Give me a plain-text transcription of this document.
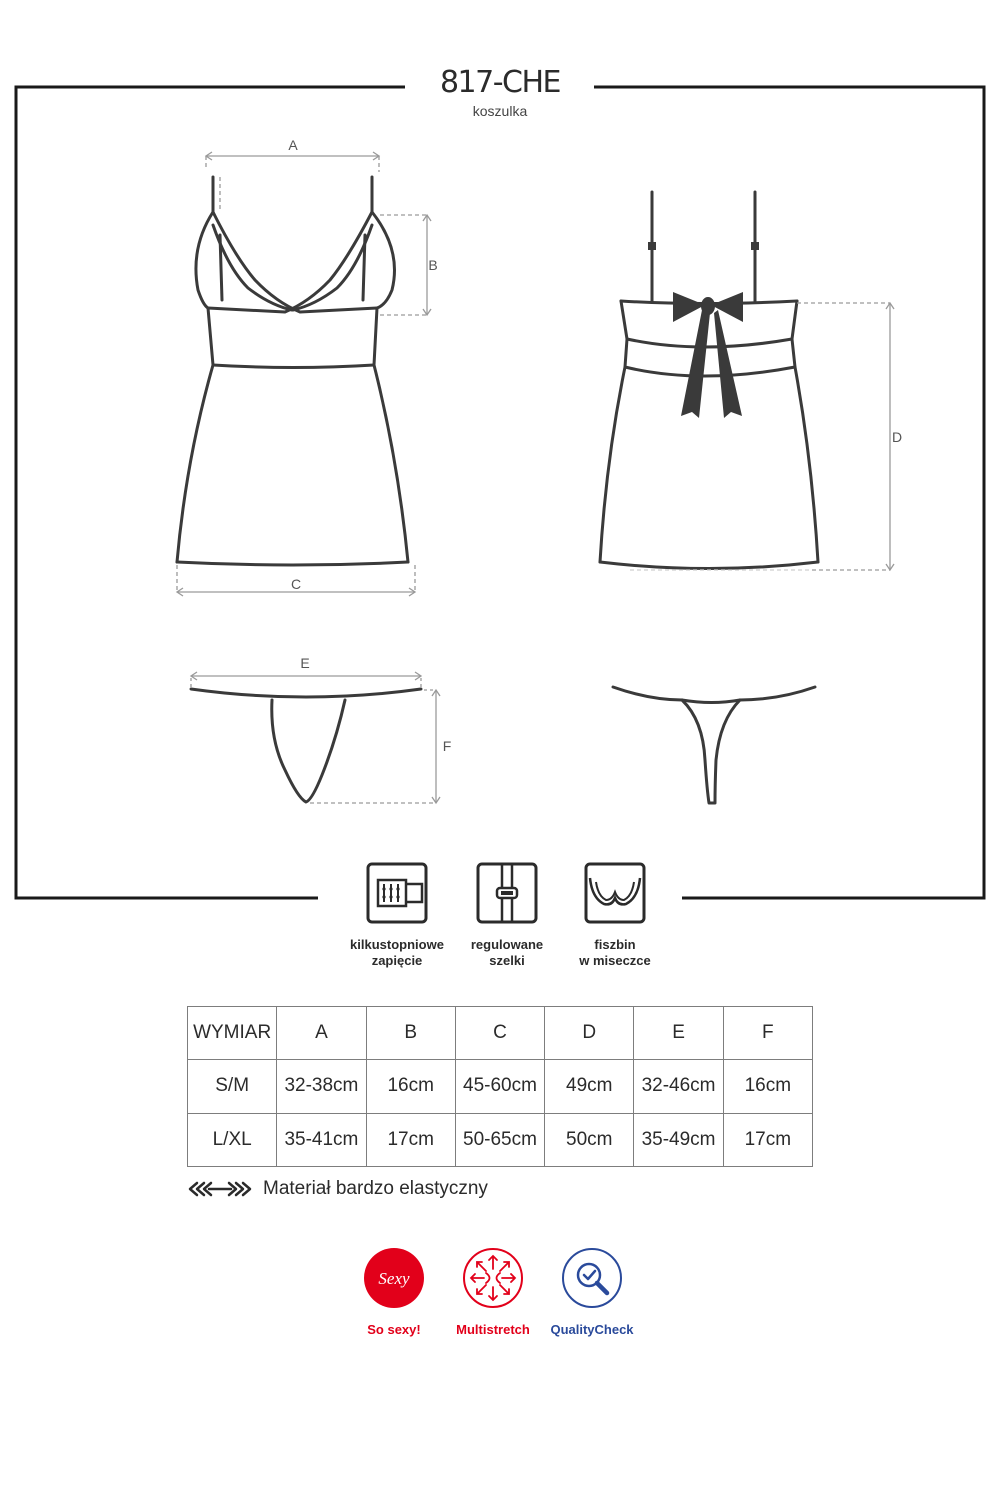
817-CHE
koszulka
A
B
C
D
E
F
kilkustopniowe
zapięcie
regulowane
szelki
fiszbin
w miseczce
WYMIAR	A	B	C	D	E	F
S/M	32-38cm	16cm	45-60cm	49cm	32-46cm	16cm
L/XL	35-41cm	17cm	50-65cm	50cm	35-49cm	17cm
Materiał bardzo elastyczny
Sexy
So sexy!	Multistretch	QualityCheck
